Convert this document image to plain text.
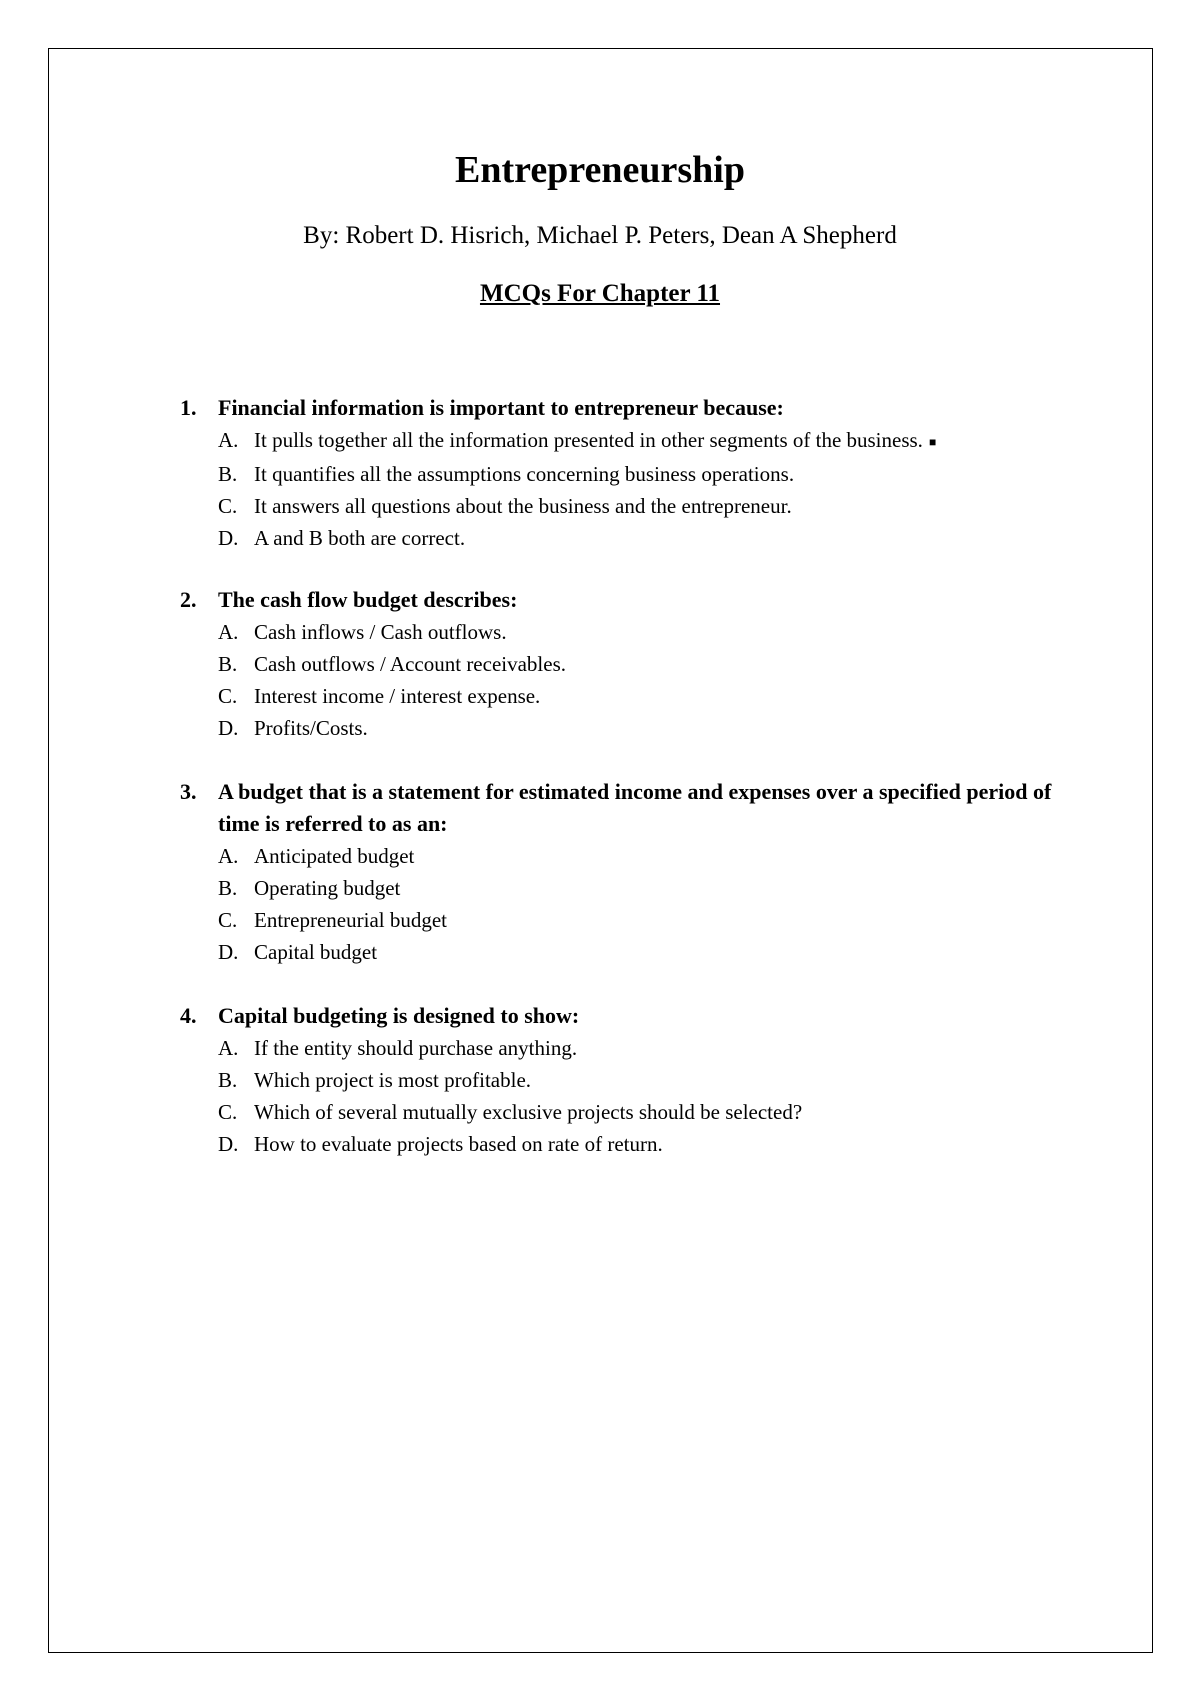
Entrepreneurship
By: Robert D. Hisrich, Michael P. Peters, Dean A Shepherd
MCQs For Chapter 11
1. Financial information is important to entrepreneur because:
A. It pulls together all the information presented in other segments of the business. ■
B. It quantifies all the assumptions concerning business operations.
C. It answers all questions about the business and the entrepreneur.
D. A and B both are correct.
2. The cash flow budget describes:
A. Cash inflows / Cash outflows.
B. Cash outflows / Account receivables.
C. Interest income / interest expense.
D. Profits/Costs.
3. A budget that is a statement for estimated income and expenses over a specified period of time is referred to as an:
A. Anticipated budget
B. Operating budget
C. Entrepreneurial budget
D. Capital budget
4. Capital budgeting is designed to show:
A. If the entity should purchase anything.
B. Which project is most profitable.
C. Which of several mutually exclusive projects should be selected?
D. How to evaluate projects based on rate of return.
